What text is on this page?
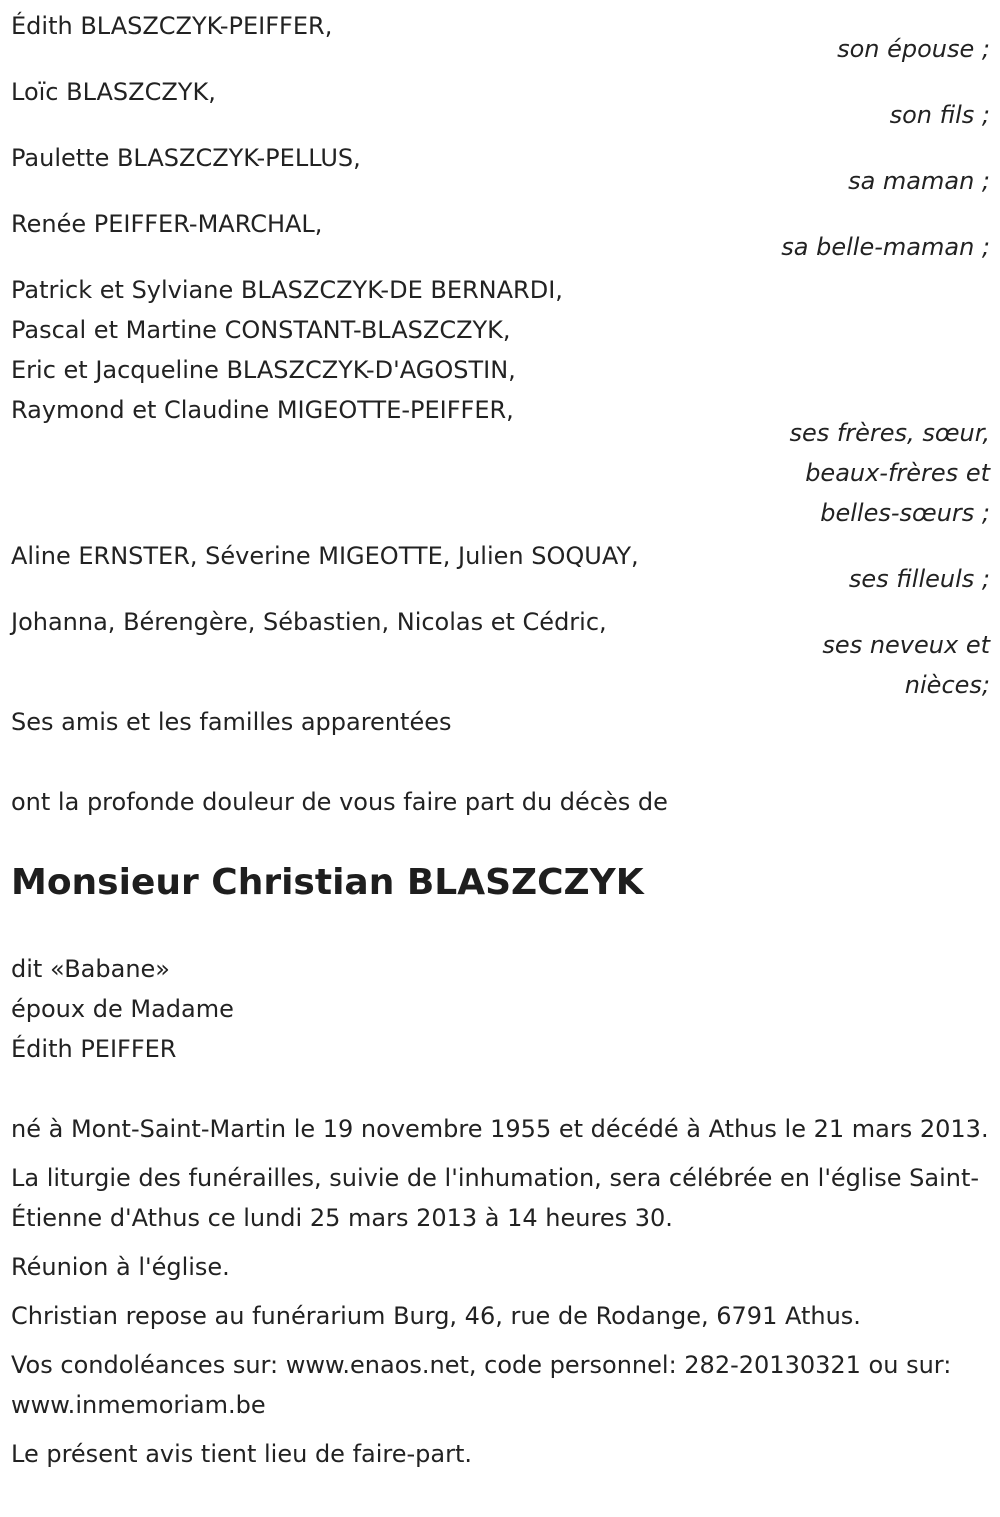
Édith BLASZCZYK-PEIFFER,
son épouse ;
Loïc BLASZCZYK,
son fils ;
Paulette BLASZCZYK-PELLUS,
sa maman ;
Renée PEIFFER-MARCHAL,
sa belle-maman ;
Patrick et Sylviane BLASZCZYK-DE BERNARDI,
Pascal et Martine CONSTANT-BLASZCZYK,
Eric et Jacqueline BLASZCZYK-D'AGOSTIN,
Raymond et Claudine MIGEOTTE-PEIFFER,
ses frères, sœur,
beaux-frères et
belles-sœurs ;
Aline ERNSTER, Séverine MIGEOTTE, Julien SOQUAY,
ses filleuls ;
Johanna, Bérengère, Sébastien, Nicolas et Cédric,
ses neveux et
nièces;
Ses amis et les familles apparentées
ont la profonde douleur de vous faire part du décès de
Monsieur Christian BLASZCZYK
dit «Babane»
époux de Madame
Édith PEIFFER
né à Mont-Saint-Martin le 19 novembre 1955 et décédé à Athus le 21 mars 2013.
La liturgie des funérailles, suivie de l'inhumation, sera célébrée en l'église Saint-Étienne d'Athus ce lundi 25 mars 2013 à 14 heures 30.
Réunion à l'église.
Christian repose au funérarium Burg, 46, rue de Rodange, 6791 Athus.
Vos condoléances sur: www.enaos.net, code personnel: 282-20130321 ou sur: www.inmemoriam.be
Le présent avis tient lieu de faire-part.
